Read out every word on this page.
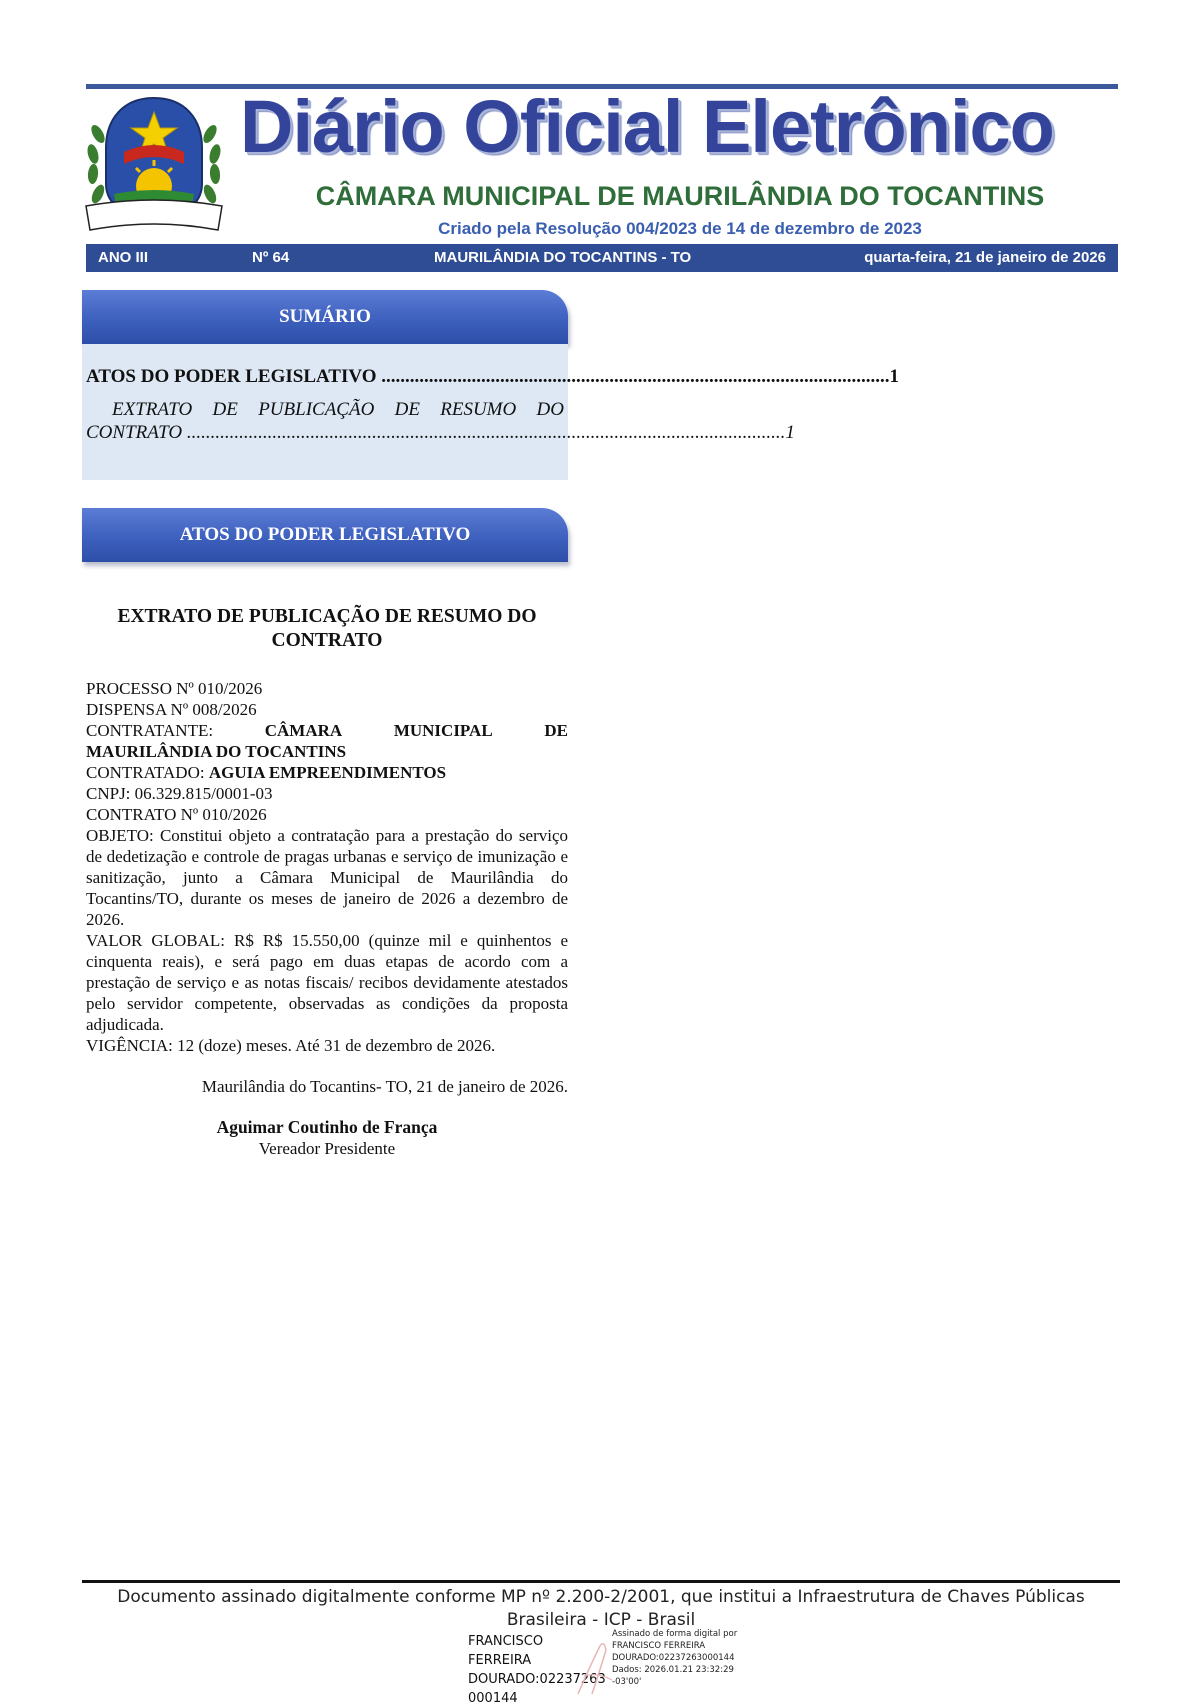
Diário Oficial Eletrônico
CÂMARA MUNICIPAL DE MAURILÂNDIA DO TOCANTINS
Criado pela Resolução 004/2023 de 14 de dezembro de 2023
ANO III	Nº 64	MAURILÂNDIA DO TOCANTINS - TO	quarta-feira, 21 de janeiro de 2026
SUMÁRIO
ATOS DO PODER LEGISLATIVO ........................................................................................................... 1
EXTRATO DE PUBLICAÇÃO DE RESUMO DO
CONTRATO .............................................................................................................................. 1
ATOS DO PODER LEGISLATIVO
EXTRATO DE PUBLICAÇÃO DE RESUMO DO CONTRATO
PROCESSO Nº 010/2026
DISPENSA Nº 008/2026
CONTRATANTE:	CÂMARA	MUNICIPAL	DE
MAURILÂNDIA DO TOCANTINS
CONTRATADO: AGUIA EMPREENDIMENTOS
CNPJ: 06.329.815/0001-03
CONTRATO Nº 010/2026
OBJETO: Constitui objeto a contratação para a prestação do serviço de dedetização e controle de pragas urbanas e serviço de imunização e sanitização, junto a Câmara Municipal de Maurilândia do Tocantins/TO, durante os meses de janeiro de 2026 a dezembro de 2026.
VALOR GLOBAL: R$ R$ 15.550,00 (quinze mil e quinhentos e cinquenta reais), e será pago em duas etapas de acordo com a prestação de serviço e as notas fiscais/ recibos devidamente atestados pelo servidor competente, observadas as condições da proposta adjudicada.
VIGÊNCIA: 12 (doze) meses. Até 31 de dezembro de 2026.
Maurilândia do Tocantins- TO, 21 de janeiro de 2026.
Aguimar Coutinho de França
Vereador Presidente
Documento assinado digitalmente conforme MP nº 2.200-2/2001, que institui a Infraestrutura de Chaves Públicas
Brasileira - ICP - Brasil
FRANCISCO FERREIRA
DOURADO:02237263
000144
Assinado de forma digital por
FRANCISCO FERREIRA
DOURADO:02237263000144
Dados: 2026.01.21 23:32:29
-03'00'
